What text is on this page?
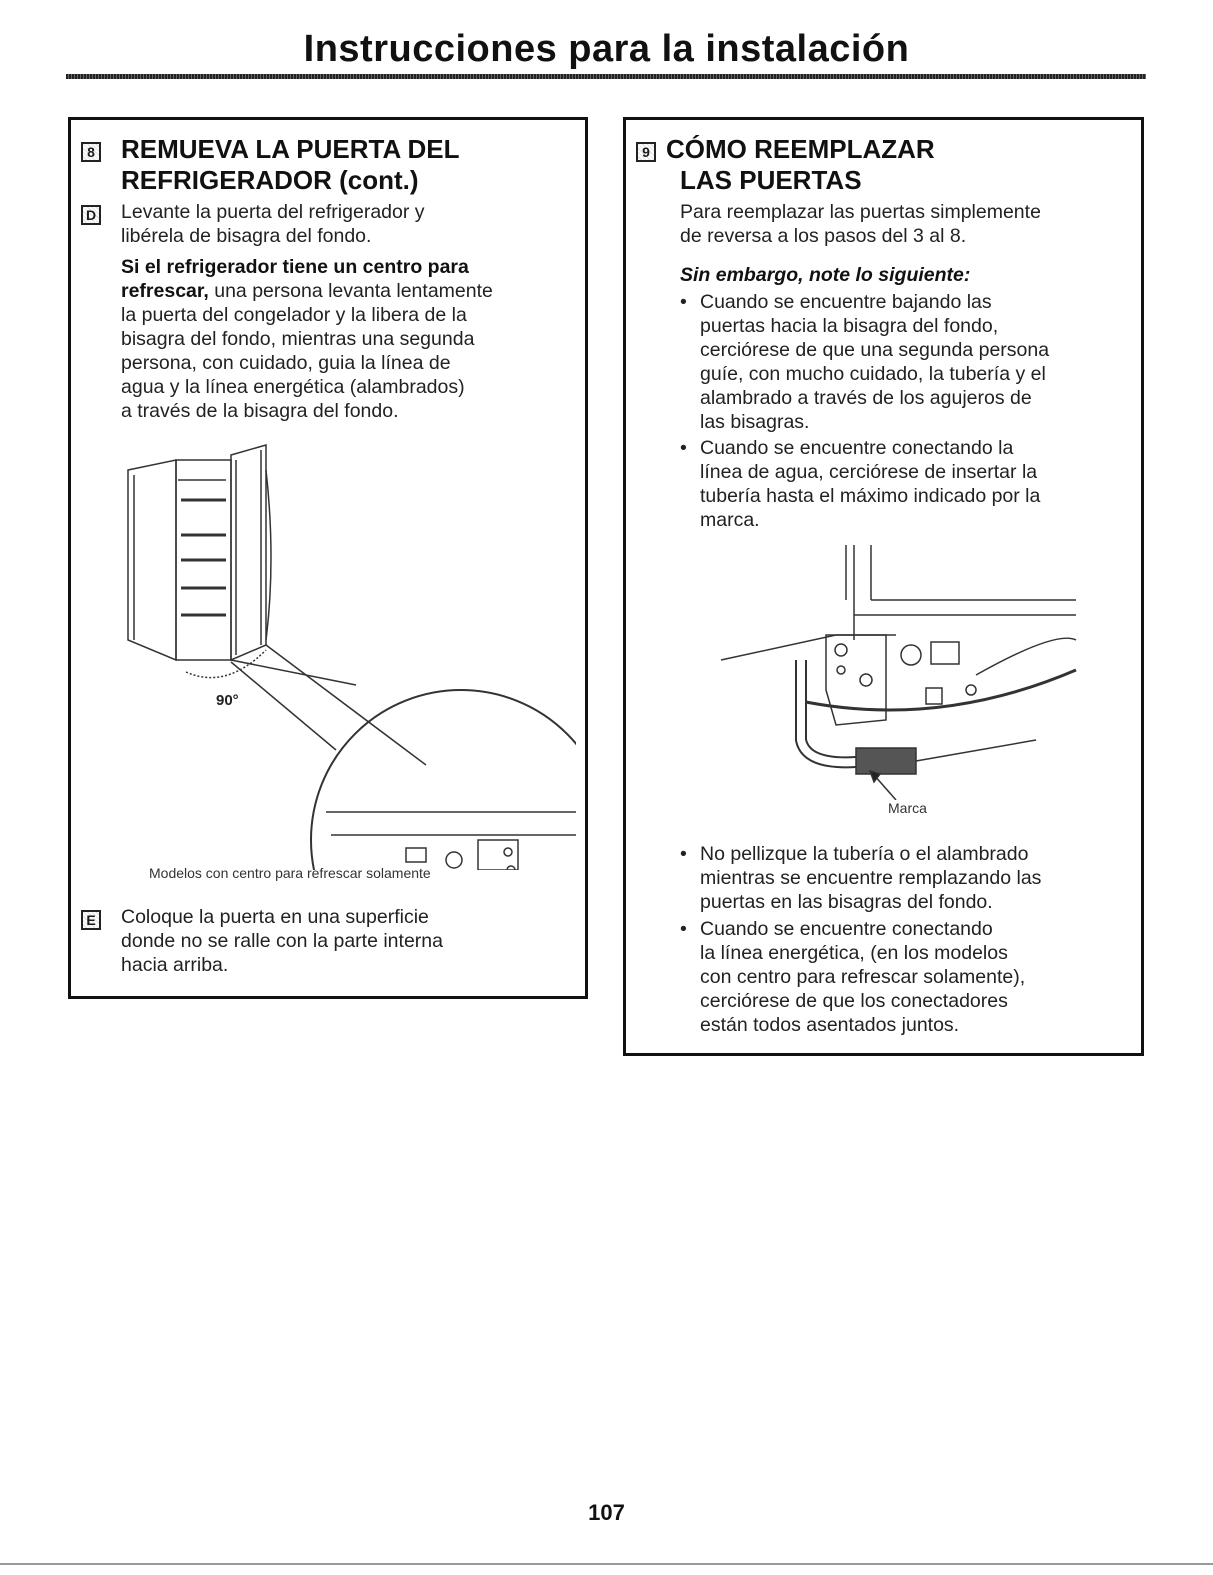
Instrucciones para la instalación
8 REMUEVA LA PUERTA DEL
REFRIGERADOR (cont.)
D Levante la puerta del refrigerador y
libérela de bisagra del fondo.
Si el refrigerador tiene un centro para
refrescar, una persona levanta lentamente
la puerta del congelador y la libera de la
bisagra del fondo, mientras una segunda
persona, con cuidado, guia la línea de
agua y la línea energética (alambrados)
a través de la bisagra del fondo.
90°
Modelos con centro para refrescar solamente
E Coloque la puerta en una superficie
donde no se ralle con la parte interna
hacia arriba.
9 CÓMO REEMPLAZAR
LAS PUERTAS
Para reemplazar las puertas simplemente
de reversa a los pasos del 3 al 8.
Sin embargo, note lo siguiente:
• Cuando se encuentre bajando las
puertas hacia la bisagra del fondo,
cerciórese de que una segunda persona
guíe, con mucho cuidado, la tubería y el
alambrado a través de los agujeros de
las bisagras.
• Cuando se encuentre conectando la
línea de agua, cerciórese de insertar la
tubería hasta el máximo indicado por la
marca.
Marca
• No pellizque la tubería o el alambrado
mientras se encuentre remplazando las
puertas en las bisagras del fondo.
• Cuando se encuentre conectando
la línea energética, (en los modelos
con centro para refrescar solamente),
cerciórese de que los conectadores
están todos asentados juntos.
107
